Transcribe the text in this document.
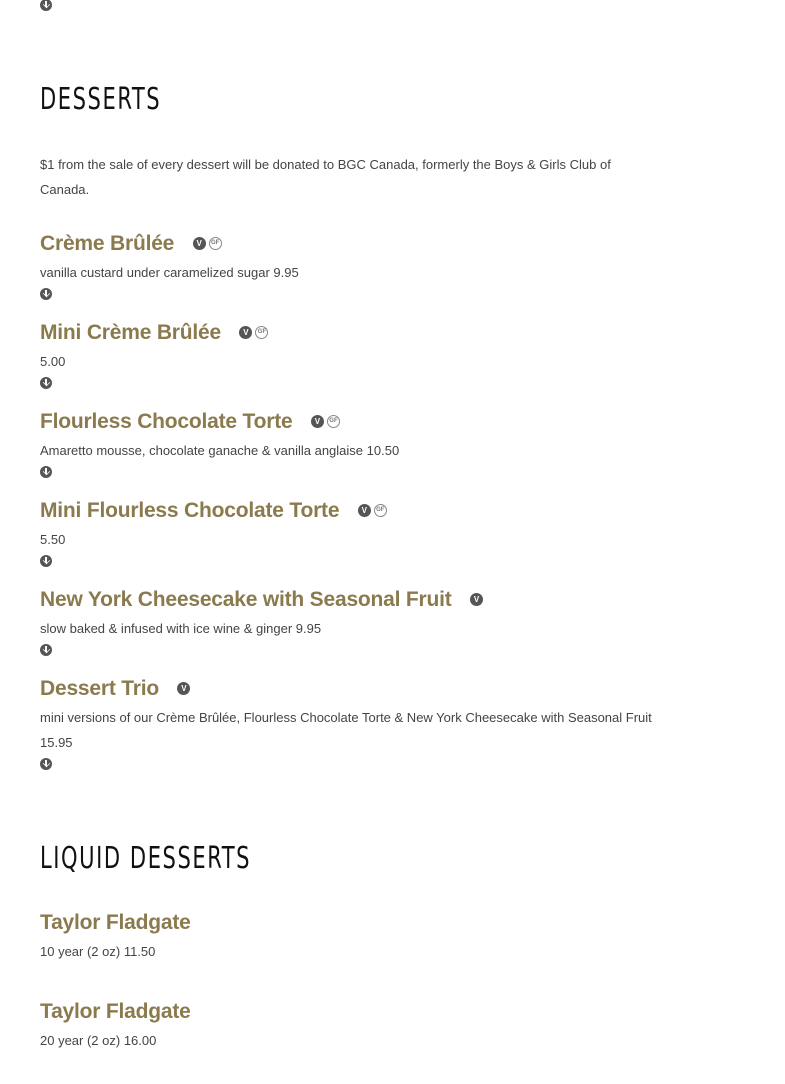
DESSERTS
$1 from the sale of every dessert will be donated to BGC Canada, formerly the Boys & Girls Club of Canada.
Crème Brûlée	V GF
vanilla custard under caramelized sugar 9.95
Mini Crème Brûlée	V GF
5.00
Flourless Chocolate Torte	V GF
Amaretto mousse, chocolate ganache & vanilla anglaise 10.50
Mini Flourless Chocolate Torte	V GF
5.50
New York Cheesecake with Seasonal Fruit	V
slow baked & infused with ice wine & ginger 9.95
Dessert Trio	V
mini versions of our Crème Brûlée, Flourless Chocolate Torte & New York Cheesecake with Seasonal Fruit 15.95
LIQUID DESSERTS
Taylor Fladgate
10 year (2 oz) 11.50
Taylor Fladgate
20 year (2 oz) 16.00
